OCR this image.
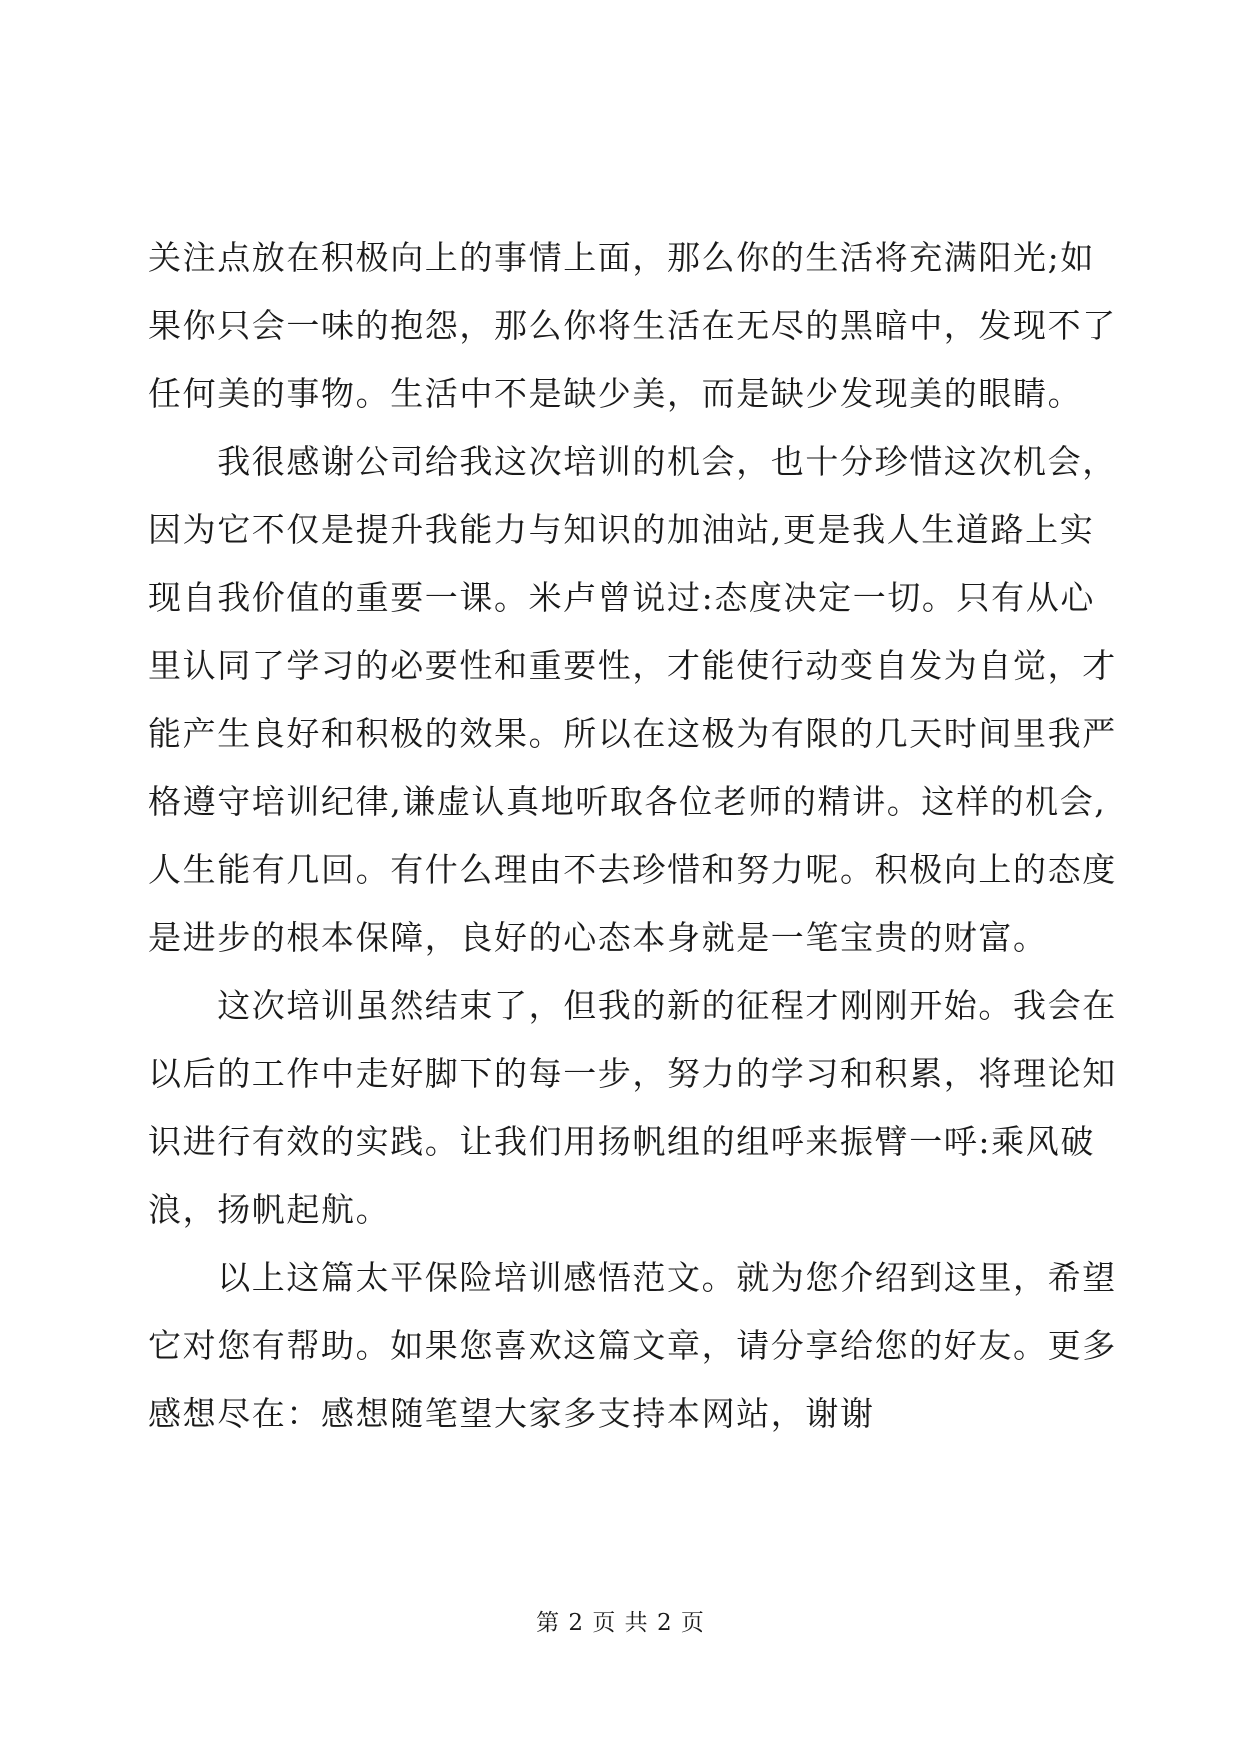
关注点放在积极向上的事情上面，那么你的生活将充满阳光;如
果你只会一味的抱怨，那么你将生活在无尽的黑暗中，发现不了
任何美的事物。生活中不是缺少美，而是缺少发现美的眼睛。
　　我很感谢公司给我这次培训的机会，也十分珍惜这次机会，
因为它不仅是提升我能力与知识的加油站,更是我人生道路上实
现自我价值的重要一课。米卢曾说过:态度决定一切。只有从心
里认同了学习的必要性和重要性，才能使行动变自发为自觉，才
能产生良好和积极的效果。所以在这极为有限的几天时间里我严
格遵守培训纪律,谦虚认真地听取各位老师的精讲。这样的机会,
人生能有几回。有什么理由不去珍惜和努力呢。积极向上的态度
是进步的根本保障，良好的心态本身就是一笔宝贵的财富。
　　这次培训虽然结束了，但我的新的征程才刚刚开始。我会在
以后的工作中走好脚下的每一步，努力的学习和积累，将理论知
识进行有效的实践。让我们用扬帆组的组呼来振臂一呼:乘风破
浪，扬帆起航。
　　以上这篇太平保险培训感悟范文。就为您介绍到这里，希望
它对您有帮助。如果您喜欢这篇文章，请分享给您的好友。更多
感想尽在：感想随笔望大家多支持本网站，谢谢
第 2 页 共 2 页
